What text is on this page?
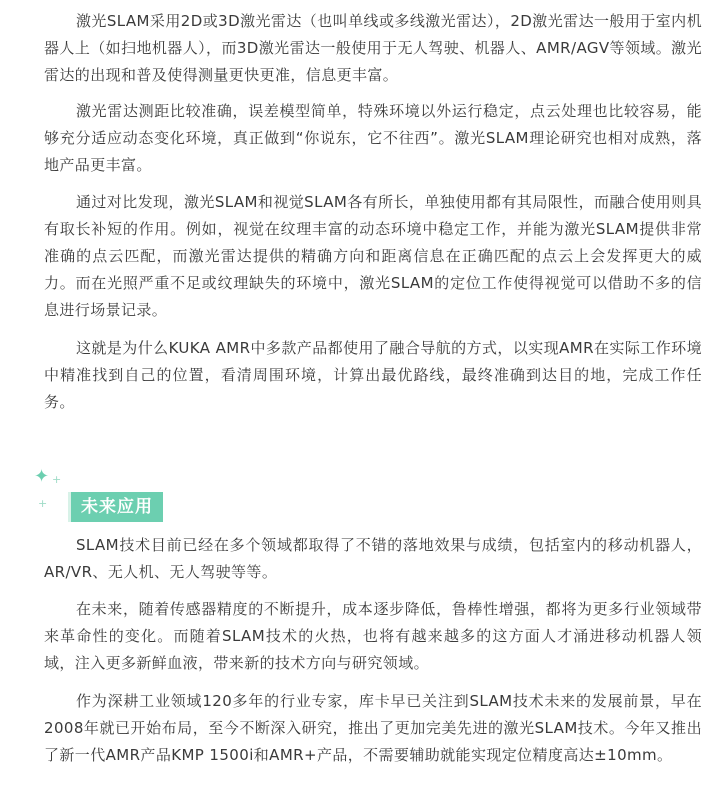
激光SLAM采用2D或3D激光雷达（也叫单线或多线激光雷达），2D激光雷达一般用于室内机器人上（如扫地机器人），而3D激光雷达一般使用于无人驾驶、机器人、AMR/AGV等领域。激光雷达的出现和普及使得测量更快更准，信息更丰富。

激光雷达测距比较准确，误差模型简单，特殊环境以外运行稳定，点云处理也比较容易，能够充分适应动态变化环境，真正做到“你说东，它不往西”。激光SLAM理论研究也相对成熟，落地产品更丰富。

通过对比发现，激光SLAM和视觉SLAM各有所长，单独使用都有其局限性，而融合使用则具有取长补短的作用。例如，视觉在纹理丰富的动态环境中稳定工作，并能为激光SLAM提供非常准确的点云匹配，而激光雷达提供的精确方向和距离信息在正确匹配的点云上会发挥更大的威力。而在光照严重不足或纹理缺失的环境中，激光SLAM的定位工作使得视觉可以借助不多的信息进行场景记录。

这就是为什么KUKA AMR中多款产品都使用了融合导航的方式，以实现AMR在实际工作环境中精准找到自己的位置，看清周围环境，计算出最优路线，最终准确到达目的地，完成工作任务。

✦ +
+	未来应用

SLAM技术目前已经在多个领域都取得了不错的落地效果与成绩，包括室内的移动机器人，AR/VR、无人机、无人驾驶等等。

在未来，随着传感器精度的不断提升，成本逐步降低，鲁棒性增强，都将为更多行业领域带来革命性的变化。而随着SLAM技术的火热，也将有越来越多的这方面人才涌进移动机器人领域，注入更多新鲜血液，带来新的技术方向与研究领域。

作为深耕工业领域120多年的行业专家，库卡早已关注到SLAM技术未来的发展前景，早在2008年就已开始布局，至今不断深入研究，推出了更加完美先进的激光SLAM技术。今年又推出了新一代AMR产品KMP 1500i和AMR+产品，不需要辅助就能实现定位精度高达±10mm。
